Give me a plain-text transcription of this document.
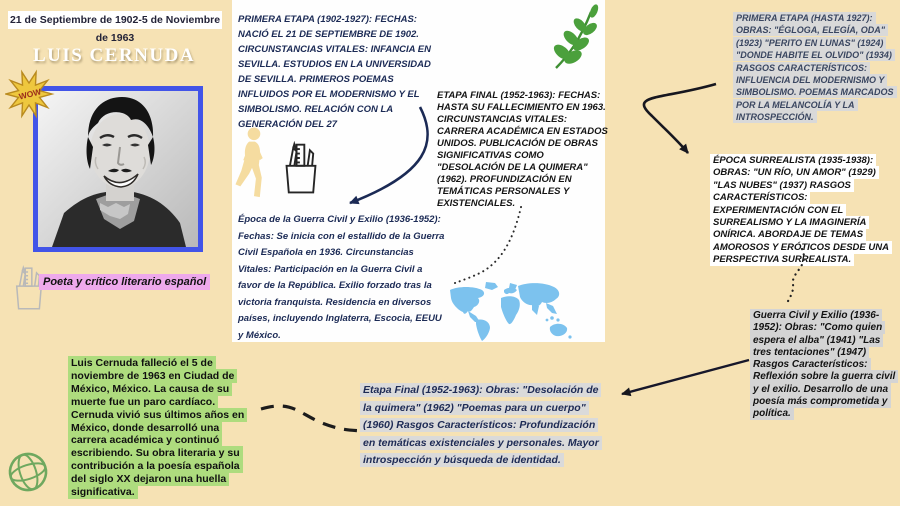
21 de Septiembre de 1902-5 de Noviembre de 1963
LUIS CERNUDA
WOW
Poeta y crítico literario español
PRIMERA ETAPA (1902-1927): FECHAS: NACIÓ EL 21 DE SEPTIEMBRE DE 1902. CIRCUNSTANCIAS VITALES: INFANCIA EN SEVILLA. ESTUDIOS EN LA UNIVERSIDAD DE SEVILLA. PRIMEROS POEMAS INFLUIDOS POR EL MODERNISMO Y EL SIMBOLISMO. RELACIÓN CON LA GENERACIÓN DEL 27
Época de la Guerra Civil y Exilio (1936-1952): Fechas: Se inicia con el estallido de la Guerra Civil Española en 1936. Circunstancias Vitales: Participación en la Guerra Civil a favor de la República. Exilio forzado tras la victoria franquista. Residencia en diversos países, incluyendo Inglaterra, Escocia, EEUU y México.
ETAPA FINAL (1952-1963): FECHAS: HASTA SU FALLECIMIENTO EN 1963. CIRCUNSTANCIAS VITALES: CARRERA ACADÉMICA EN ESTADOS UNIDOS. PUBLICACIÓN DE OBRAS SIGNIFICATIVAS COMO "DESOLACIÓN DE LA QUIMERA" (1962). PROFUNDIZACIÓN EN TEMÁTICAS PERSONALES Y EXISTENCIALES.
PRIMERA ETAPA (HASTA 1927): OBRAS: "ÉGLOGA, ELEGÍA, ODA" (1923) "PERITO EN LUNAS" (1924) "DONDE HABITE EL OLVIDO" (1934) RASGOS CARACTERÍSTICOS: INFLUENCIA DEL MODERNISMO Y SIMBOLISMO. POEMAS MARCADOS POR LA MELANCOLÍA Y LA INTROSPECCIÓN.
ÉPOCA SURREALISTA (1935-1938): OBRAS: "UN RÍO, UN AMOR" (1929) "LAS NUBES" (1937) RASGOS CARACTERÍSTICOS: EXPERIMENTACIÓN CON EL SURREALISMO Y LA IMAGINERÍA ONÍRICA. ABORDAJE DE TEMAS AMOROSOS Y ERÓTICOS DESDE UNA PERSPECTIVA SURREALISTA.
Guerra Civil y Exilio (1936-1952): Obras: "Como quien espera el alba" (1941) "Las tres tentaciones" (1947) Rasgos Característicos: Reflexión sobre la guerra civil y el exilio. Desarrollo de una poesía más comprometida y política.
Etapa Final (1952-1963): Obras: "Desolación de la quimera" (1962) "Poemas para un cuerpo" (1960) Rasgos Característicos: Profundización en temáticas existenciales y personales. Mayor introspección y búsqueda de identidad.
Luis Cernuda falleció el 5 de noviembre de 1963 en Ciudad de México, México. La causa de su muerte fue un paro cardíaco. Cernuda vivió sus últimos años en México, donde desarrolló una carrera académica y continuó escribiendo. Su obra literaria y su contribución a la poesía española del siglo XX dejaron una huella significativa.
